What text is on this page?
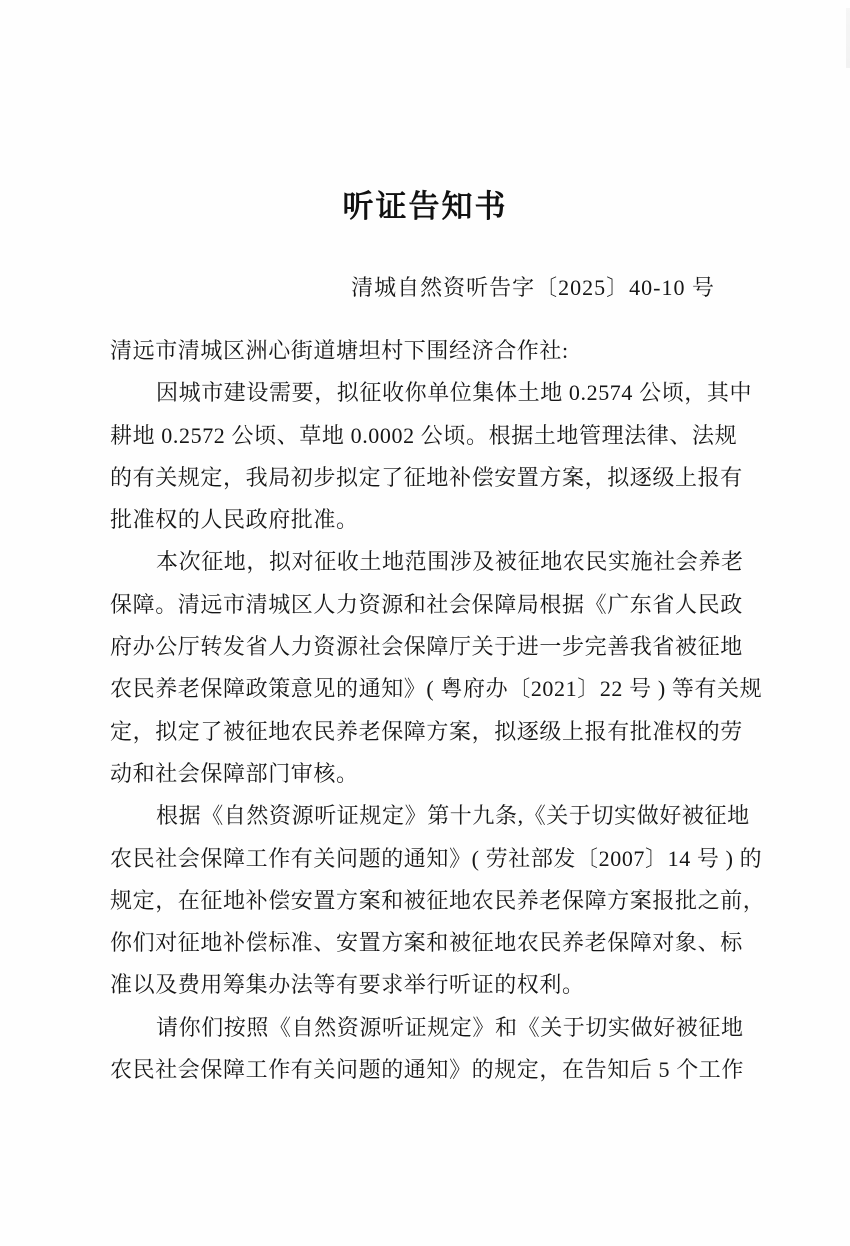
听证告知书
清城自然资听告字〔2025〕40-10 号
清远市清城区洲心街道塘坦村下围经济合作社:
因城市建设需要，拟征收你单位集体土地 0.2574 公顷，其中
耕地 0.2572 公顷、草地 0.0002 公顷。根据土地管理法律、法规
的有关规定，我局初步拟定了征地补偿安置方案，拟逐级上报有
批准权的人民政府批准。
本次征地，拟对征收土地范围涉及被征地农民实施社会养老
保障。清远市清城区人力资源和社会保障局根据《广东省人民政
府办公厅转发省人力资源社会保障厅关于进一步完善我省被征地
农民养老保障政策意见的通知》( 粤府办〔2021〕22 号 ) 等有关规
定，拟定了被征地农民养老保障方案，拟逐级上报有批准权的劳
动和社会保障部门审核。
根据《自然资源听证规定》第十九条,《关于切实做好被征地
农民社会保障工作有关问题的通知》( 劳社部发〔2007〕14 号 ) 的
规定，在征地补偿安置方案和被征地农民养老保障方案报批之前，
你们对征地补偿标准、安置方案和被征地农民养老保障对象、标
准以及费用筹集办法等有要求举行听证的权利。
请你们按照《自然资源听证规定》和《关于切实做好被征地
农民社会保障工作有关问题的通知》的规定，在告知后 5 个工作
